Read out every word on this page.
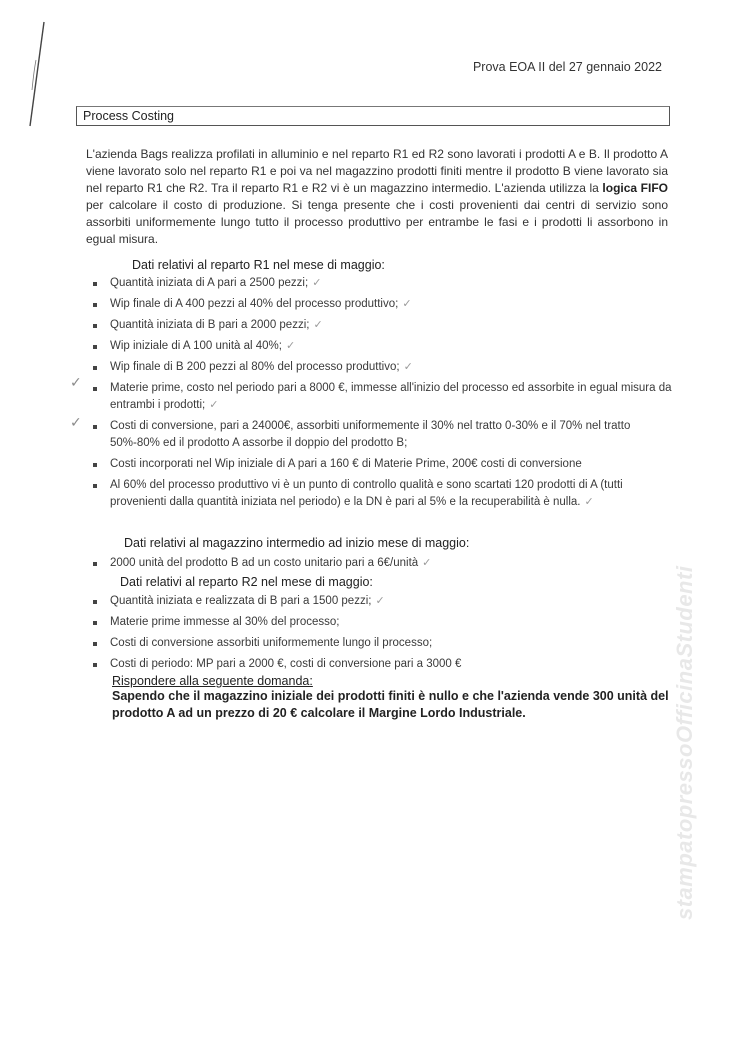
Prova EOA II del 27 gennaio 2022
Process Costing
L'azienda Bags realizza profilati in alluminio e nel reparto R1 ed R2 sono lavorati i prodotti A e B. Il prodotto A viene lavorato solo nel reparto R1 e poi va nel magazzino prodotti finiti mentre il prodotto B viene lavorato sia nel reparto R1 che R2. Tra il reparto R1 e R2 vi è un magazzino intermedio. L'azienda utilizza la logica FIFO per calcolare il costo di produzione. Si tenga presente che i costi provenienti dai centri di servizio sono assorbiti uniformemente lungo tutto il processo produttivo per entrambe le fasi e i prodotti li assorbono in egual misura.
Dati relativi al reparto R1 nel mese di maggio:
Quantità iniziata di A pari a 2500 pezzi; ✓
Wip finale di A 400 pezzi al 40% del processo produttivo; ✓
Quantità iniziata di B pari a 2000 pezzi; ✓
Wip iniziale di A 100 unità al 40%; ✓
Wip finale di B 200 pezzi al 80% del processo produttivo; ✓
Materie prime, costo nel periodo pari a 8000 €, immesse all'inizio del processo ed assorbite in egual misura da entrambi i prodotti; ✓
Costi di conversione, pari a 24000€, assorbiti uniformemente il 30% nel tratto 0-30% e il 70% nel tratto 50%-80% ed il prodotto A assorbe il doppio del prodotto B;
Costi incorporati nel Wip iniziale di A pari a 160 € di Materie Prime, 200€ costi di conversione
Al 60% del processo produttivo vi è un punto di controllo qualità e sono scartati 120 prodotti di A (tutti provenienti dalla quantità iniziata nel periodo) e la DN è pari al 5% e la recuperabilità è nulla. ✓
✓
✓
Dati relativi al magazzino intermedio ad inizio mese di maggio:
2000 unità del prodotto B ad un costo unitario pari a 6€/unità ✓
Dati relativi al reparto R2 nel mese di maggio:
Quantità iniziata e realizzata di B pari a 1500 pezzi; ✓
Materie prime immesse al 30% del processo;
Costi di conversione assorbiti uniformemente lungo il processo;
Costi di periodo: MP pari a 2000 €, costi di conversione pari a 3000 €
Rispondere alla seguente domanda:
Sapendo che il magazzino iniziale dei prodotti finiti è nullo e che l'azienda vende 300 unità del prodotto A ad un prezzo di 20 € calcolare il Margine Lordo Industriale.	stampatopressoOfficinaStudenti
